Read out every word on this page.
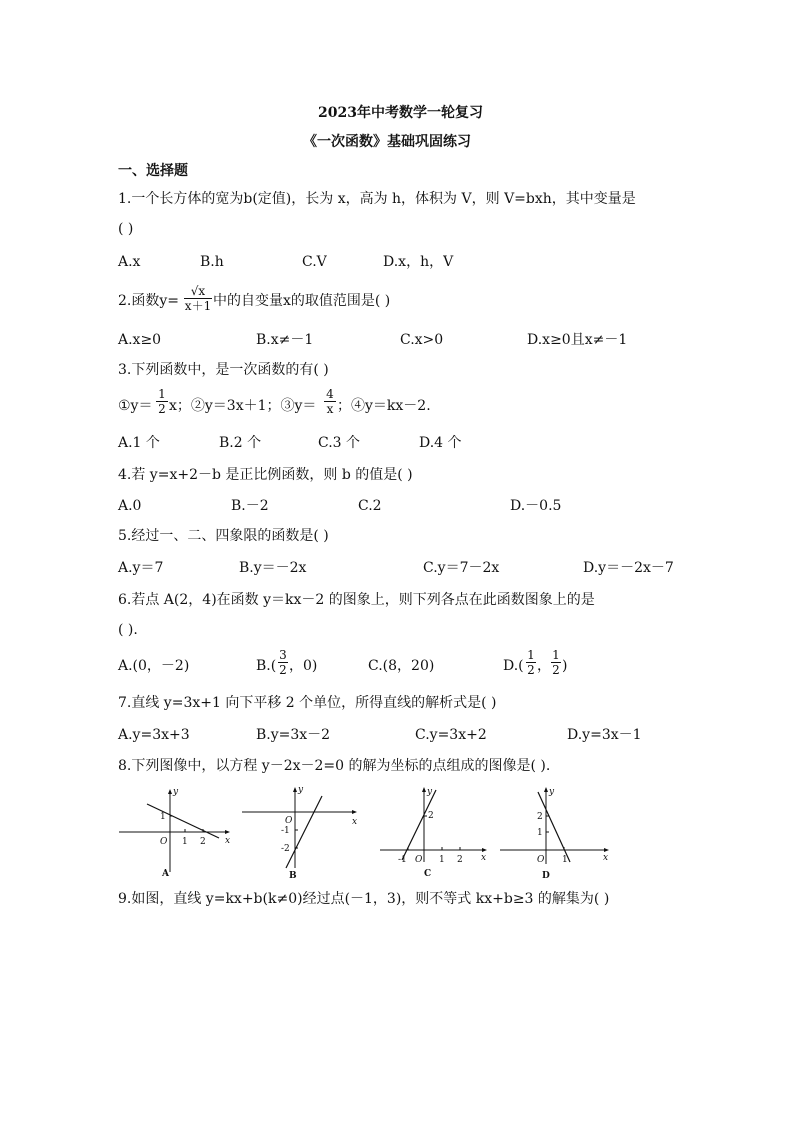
2023年中考数学一轮复习
《一次函数》基础巩固练习
一、选择题
1.一个长方体的宽为b(定值)，长为 x，高为 h，体积为 V，则 V=bxh，其中变量是
( )
A.x	B.h	C.V	D.x，h，V
2.函数y=
√x
x＋1 中的自变量x的取值范围是( )
A.x≥0	B.x≠－1	C.x>0	D.x≥0且x≠－1
3.下列函数中，是一次函数的有( )
①y＝
1
2 x；②y＝3x＋1；③y＝
4
x ；④y＝kx－2.
A.1 个	B.2 个	C.3 个	D.4 个
4.若 y=x+2－b 是正比例函数，则 b 的值是( )
A.0	B.－2	C.2	D.－0.5
5.经过一、二、四象限的函数是( )
A.y＝7	B.y＝－2x	C.y＝7－2x	D.y＝－2x－7
6.若点 A(2，4)在函数 y＝kx－2 的图象上，则下列各点在此函数图象上的是
( ).
A.(0，－2)	B.(
3
2 ，0)	C.(8，20)	D.(
1
2 ，
1
2 )
7.直线 y=3x+1 向下平移 2 个单位，所得直线的解析式是( )
A.y=3x+3	B.y=3x－2	C.y=3x+2	D.y=3x－1
8.下列图像中，以方程 y－2x－2=0 的解为坐标的点组成的图像是( ).
y
x
O
1
1 2
A
y
x
O
-1
-2
B
y
x
O
2
-1	1 2
C
y
x
O
2
1
1
D
9.如图，直线 y=kx+b(k≠0)经过点(－1，3)，则不等式 kx+b≥3 的解集为( )
